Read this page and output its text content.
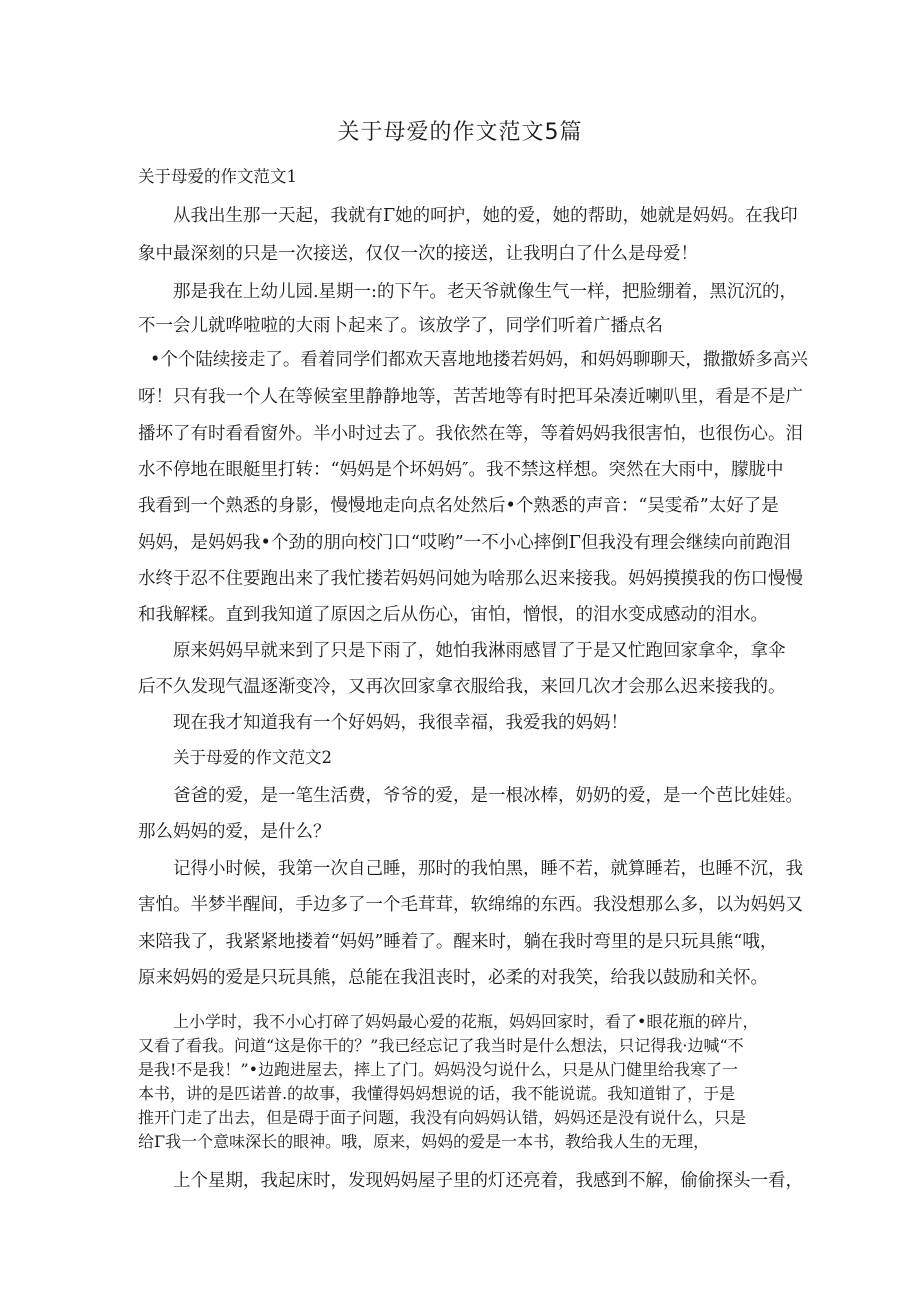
关于母爱的作文范文5篇
关于母爱的作文范文1
从我出生那一天起，我就有Γ她的呵护，她的爱，她的帮助，她就是妈妈。在我印
象中最深刻的只是一次接送，仅仅一次的接送，让我明白了什么是母爱！
那是我在上幼儿园.星期一:的下午。老天爷就像生气一样，把脸绷着，黑沉沉的，
不一会儿就哗啦啦的大雨卜起来了。该放学了，同学们听着广播点名
•个个陆续接走了。看着同学们都欢天喜地地搂若妈妈，和妈妈聊聊天，撒撒娇多高兴
呀！只有我一个人在等候室里静静地等，苦苦地等有时把耳朵凑近喇叭里，看是不是广
播坏了有时看看窗外。半小时过去了。我依然在等，等着妈妈我很害怕，也很伤心。泪
水不停地在眼艇里打转：“妈妈是个坏妈妈″。我不禁这样想。突然在大雨中，朦胧中
我看到一个熟悉的身影，慢慢地走向点名处然后•个熟悉的声音：“吴雯希”太好了是
妈妈，是妈妈我•个劲的朋向校门口“哎哟”一不小心摔倒Γ但我没有理会继续向前跑泪
水终于忍不住要跑出来了我忙搂若妈妈问她为啥那么迟来接我。妈妈摸摸我的伤口慢慢
和我解糅。直到我知道了原因之后从伤心，宙怕，憎恨，的泪水变成感动的泪水。
原来妈妈早就来到了只是下雨了，她怕我淋雨感冒了于是又忙跑回家拿伞，拿伞
后不久发现气温逐渐变冷，又再次回家拿衣服给我，来回几次才会那么迟来接我的。
现在我才知道我有一个好妈妈，我很幸福，我爱我的妈妈！
关于母爱的作文范文2
爸爸的爱，是一笔生活费，爷爷的爱，是一根冰棒，奶奶的爱，是一个芭比娃娃。
那么妈妈的爱，是什么？
记得小时候，我第一次自己睡，那时的我怕黑，睡不若，就算睡若，也睡不沉，我
害怕。半梦半醒间，手边多了一个毛茸茸，软绵绵的东西。我没想那么多，以为妈妈又
来陪我了，我紧紧地搂着“妈妈”睡着了。醒来时，躺在我时弯里的是只玩具熊“哦，
原来妈妈的爱是只玩具熊，总能在我沮丧时，必柔的对我笑，给我以鼓励和关怀。
上小学时，我不小心打碎了妈妈最心爱的花瓶，妈妈回家时，看了•眼花瓶的碎片，
又看了看我。问道“这是你干的？”我已经忘记了我当时是什么想法，只记得我·边喊“不
是我!不是我！”•边跑进屋去，摔上了门。妈妈没匀说什么，只是从门健里给我寒了一
本书，讲的是匹诺普.的故事，我懂得妈妈想说的话，我不能说谎。我知道钳了，于是
推开门走了出去，但是碍于面子问题，我没有向妈妈认错，妈妈还是没有说什么，只是
给Γ我一个意味深长的眼神。哦，原来，妈妈的爱是一本书，教给我人生的无理，
上个星期，我起床时，发现妈妈屋子里的灯还亮着，我感到不解，偷偷探头一看，
